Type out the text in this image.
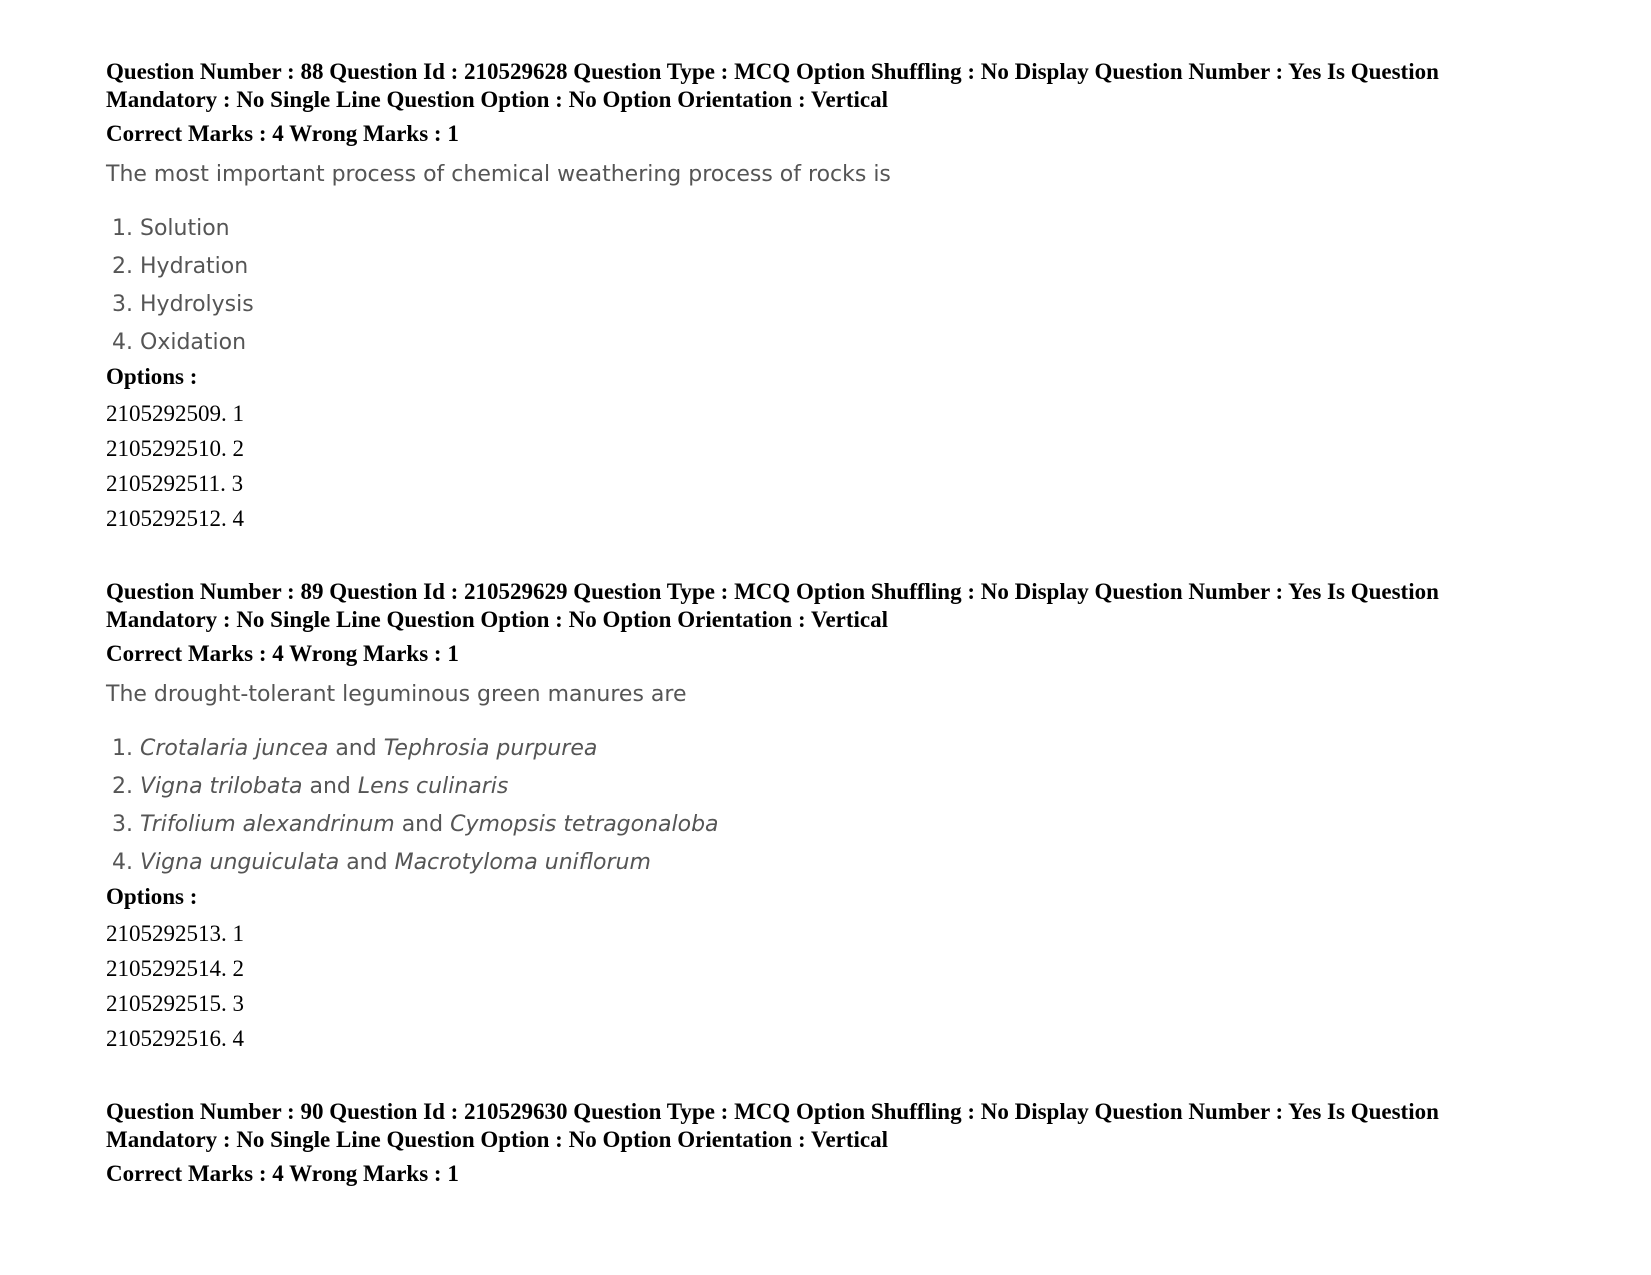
Question Number : 88 Question Id : 210529628 Question Type : MCQ Option Shuffling : No Display Question Number : Yes Is Question
Mandatory : No Single Line Question Option : No Option Orientation : Vertical
Correct Marks : 4 Wrong Marks : 1
The most important process of chemical weathering process of rocks is
1. Solution
2. Hydration
3. Hydrolysis
4. Oxidation
Options :
2105292509. 1
2105292510. 2
2105292511. 3
2105292512. 4
Question Number : 89 Question Id : 210529629 Question Type : MCQ Option Shuffling : No Display Question Number : Yes Is Question
Mandatory : No Single Line Question Option : No Option Orientation : Vertical
Correct Marks : 4 Wrong Marks : 1
The drought-tolerant leguminous green manures are
1. Crotalaria juncea and Tephrosia purpurea
2. Vigna trilobata and Lens culinaris
3. Trifolium alexandrinum and Cymopsis tetragonaloba
4. Vigna unguiculata and Macrotyloma uniflorum
Options :
2105292513. 1
2105292514. 2
2105292515. 3
2105292516. 4
Question Number : 90 Question Id : 210529630 Question Type : MCQ Option Shuffling : No Display Question Number : Yes Is Question
Mandatory : No Single Line Question Option : No Option Orientation : Vertical
Correct Marks : 4 Wrong Marks : 1
